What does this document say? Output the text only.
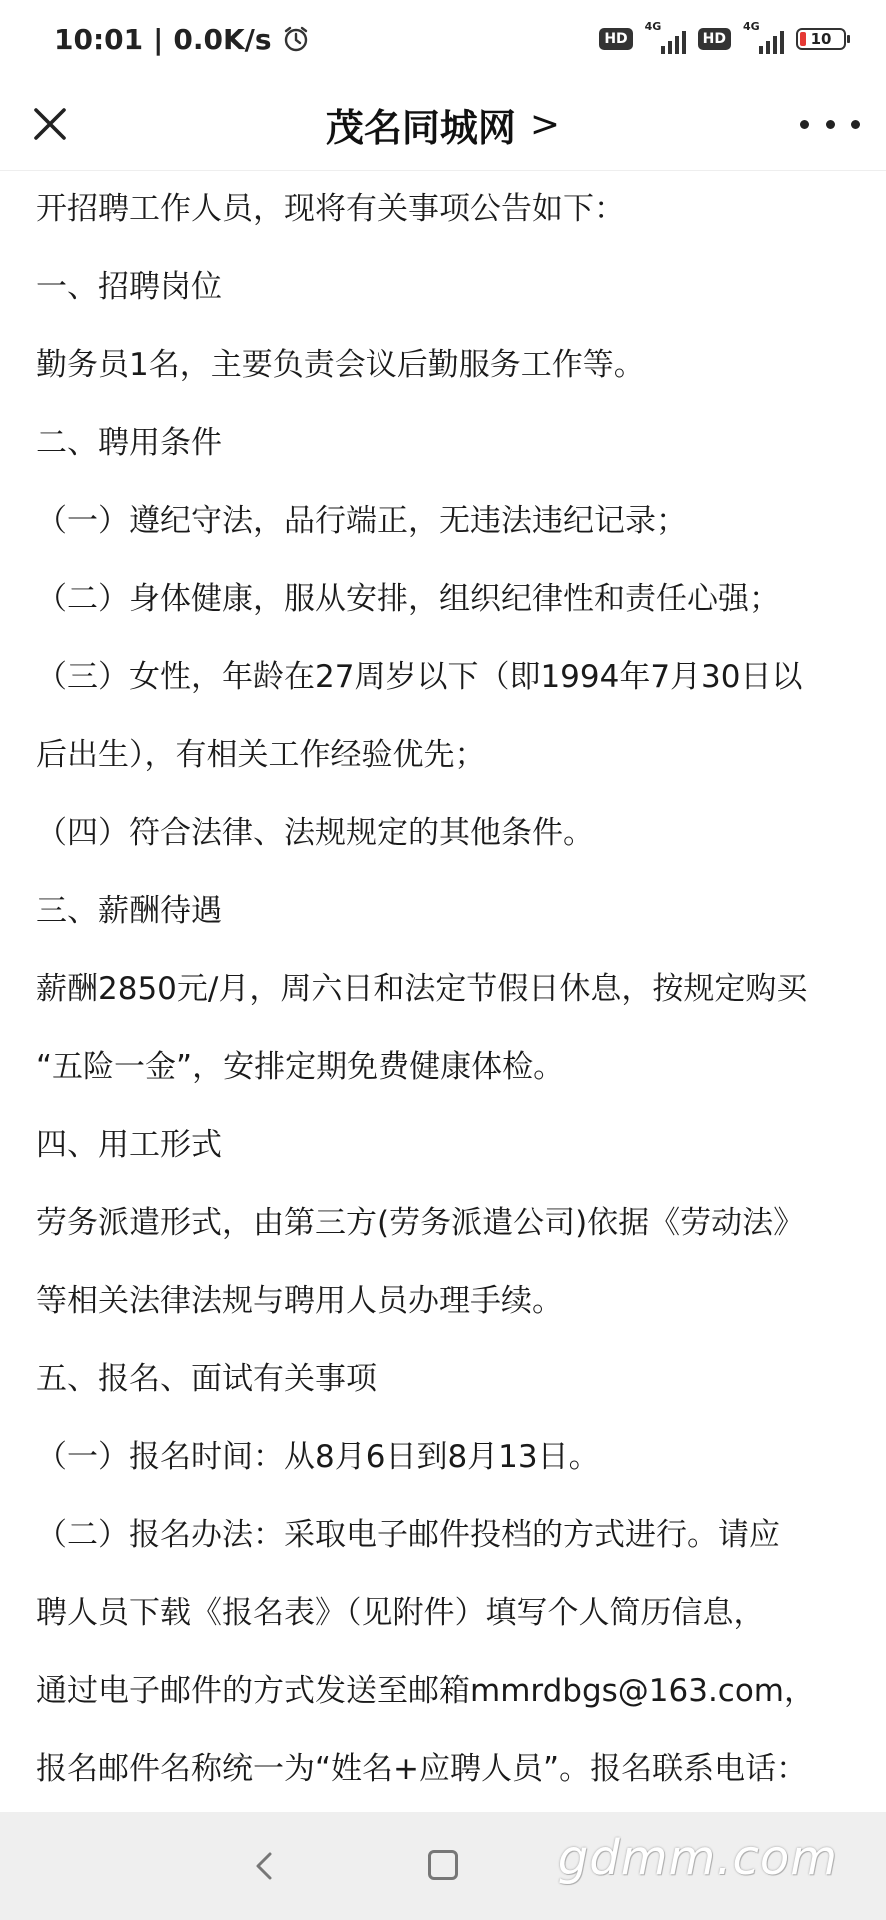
10:01 | 0.0K/s	HD
4G
HD
4G
10
茂名同城网 >

开招聘工作人员，现将有关事项公告如下：

一、招聘岗位

勤务员1名，主要负责会议后勤服务工作等。

二、聘用条件

（一）遵纪守法，品行端正，无违法违纪记录；

（二）身体健康，服从安排，组织纪律性和责任心强；

（三）女性，年龄在27周岁以下（即1994年7月30日以

后出生），有相关工作经验优先；

（四）符合法律、法规规定的其他条件。

三、薪酬待遇

薪酬2850元/月，周六日和法定节假日休息，按规定购买

“五险一金”，安排定期免费健康体检。

四、用工形式

劳务派遣形式，由第三方(劳务派遣公司)依据《劳动法》

等相关法律法规与聘用人员办理手续。

五、报名、面试有关事项

（一）报名时间：从8月6日到8月13日。

（二）报名办法：采取电子邮件投档的方式进行。请应

聘人员下载《报名表》（见附件）填写个人简历信息，

通过电子邮件的方式发送至邮箱mmrdbgs@163.com，

报名邮件名称统一为“姓名+应聘人员”。报名联系电话：

gdmm.com
